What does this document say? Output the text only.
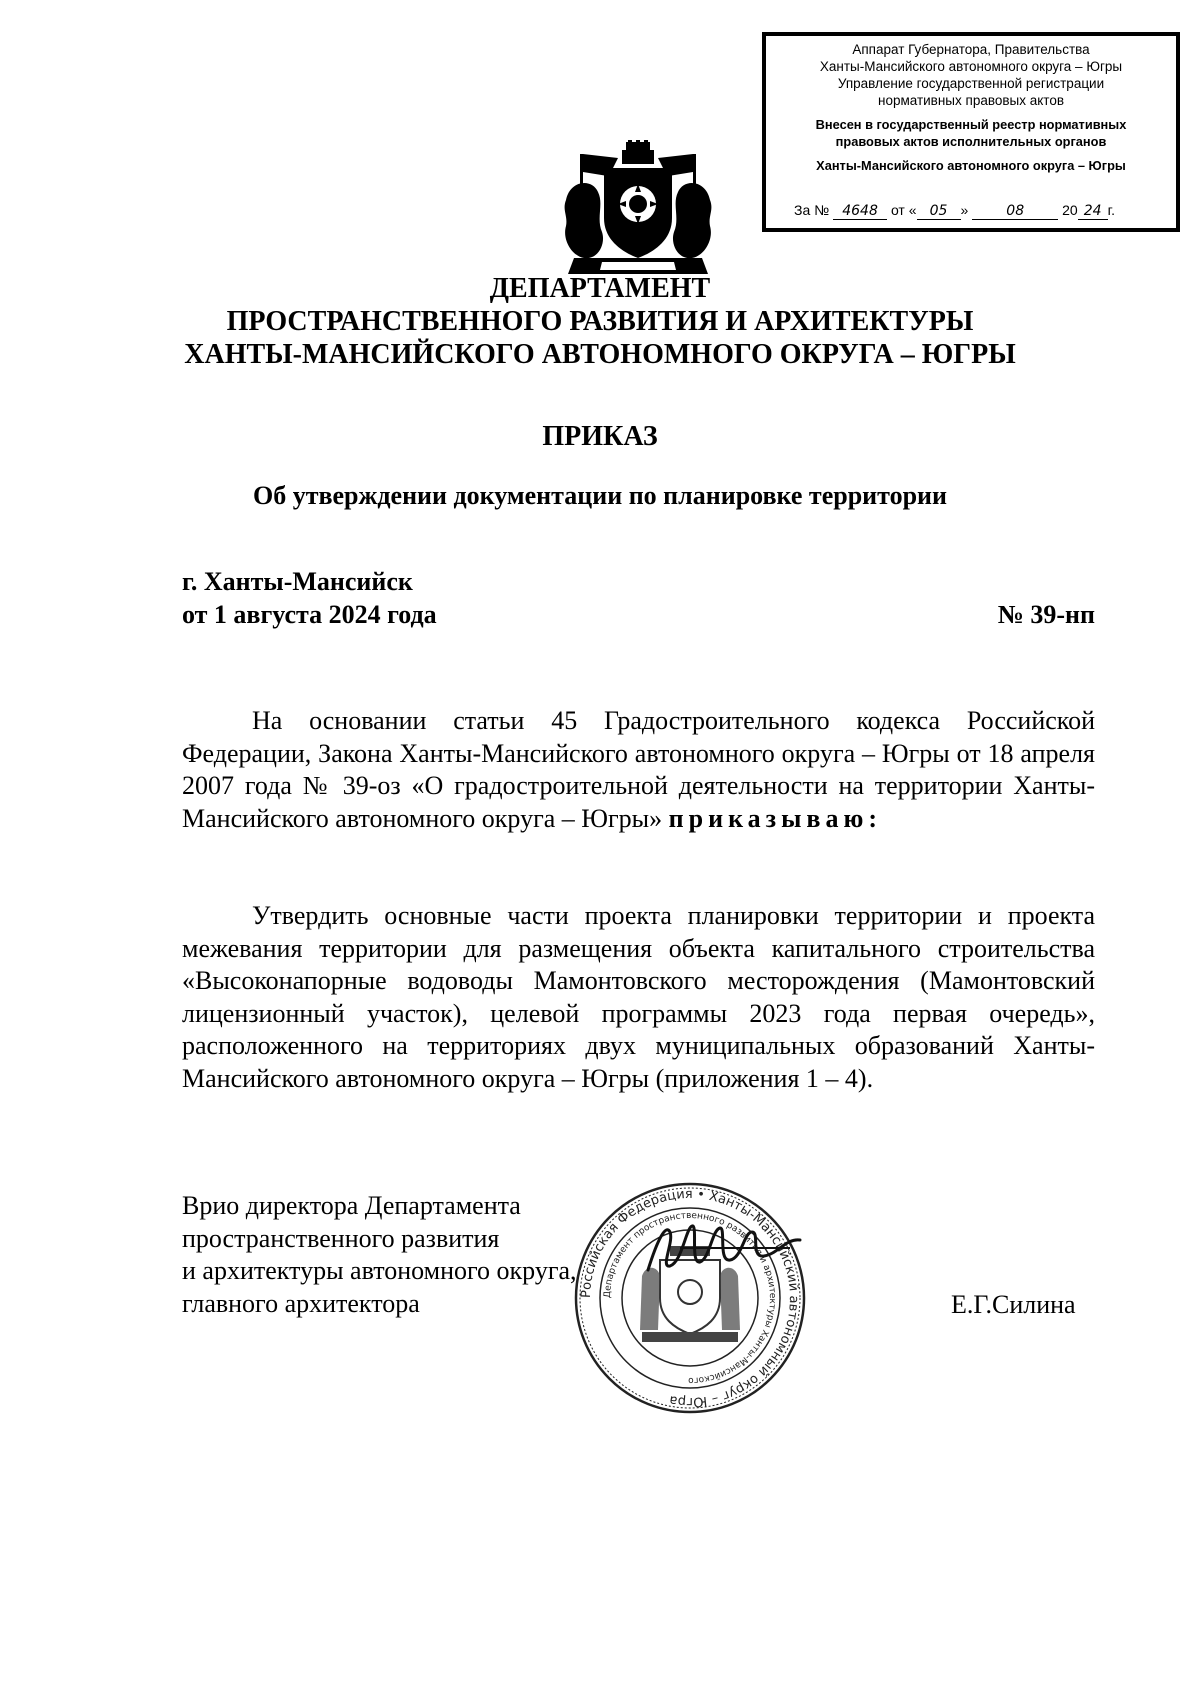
Аппарат Губернатора, Правительства
Ханты-Мансийского автономного округа – Югры
Управление государственной регистрации
нормативных правовых актов
Внесен в государственный реестр нормативных
правовых актов исполнительных органов
Ханты-Мансийского автономного округа – Югры
За № 4648 от « 05 »	08	20 24 г.
ДЕПАРТАМЕНТ
ПРОСТРАНСТВЕННОГО РАЗВИТИЯ И АРХИТЕКТУРЫ
ХАНТЫ-МАНСИЙСКОГО АВТОНОМНОГО ОКРУГА – ЮГРЫ
ПРИКАЗ
Об утверждении документации по планировке территории
г. Ханты-Мансийск
от 1 августа 2024 года	№ 39-нп
На основании статьи 45 Градостроительного кодекса Российской Федерации, Закона Ханты-Мансийского автономного округа – Югры от 18 апреля 2007 года № 39-оз «О градостроительной деятельности на территории Ханты-Мансийского автономного округа – Югры» приказываю:
Утвердить основные части проекта планировки территории и проекта межевания территории для размещения объекта капитального строительства «Высоконапорные водоводы Мамонтовского месторождения (Мамонтовский лицензионный участок), целевой программы 2023 года первая очередь», расположенного на территориях двух муниципальных образований Ханты-Мансийского автономного округа – Югры (приложения 1 – 4).
Врио директора Департамента
пространственного развития
и архитектуры автономного округа,
главного архитектора	Российская Федерация • Ханты-Мансийский автономный округ – Югра
Департамент пространственного развития и архитектуры Ханты-Мансийского
Е.Г.Силина
